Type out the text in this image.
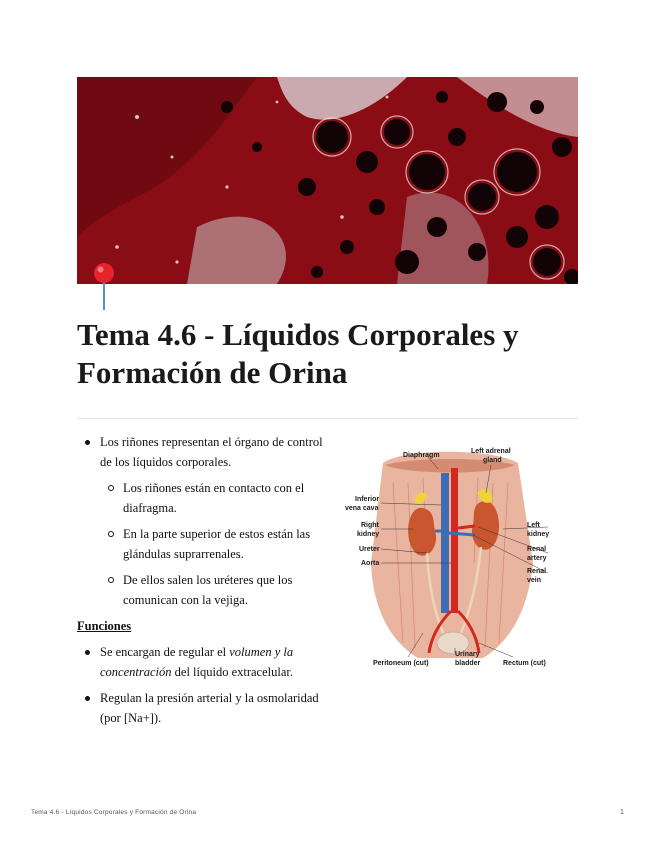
Tema 4.6 - Líquidos Corporales y Formación de Orina
Los riñones representan el órgano de control de los líquidos corporales.
Los riñones están en contacto con el diafragma.
En la parte superior de estos están las glándulas suprarrenales.
De ellos salen los uréteres que los comunican con la vejiga.
Funciones
Se encargan de regular el volumen y la concentración del líquido extracelular.
Regulan la presión arterial y la osmolaridad (por [Na+]).
Diaphragm
Left adrenal
gland
Inferior
vena cava
Right
kidney
Ureter
Aorta
Left
kidney
Renal
artery
Renal
vein
Peritoneum (cut)
Urinary
bladder	Rectum (cut)
Tema 4.6 - Líquidos Corporales y Formación de Orina	1
